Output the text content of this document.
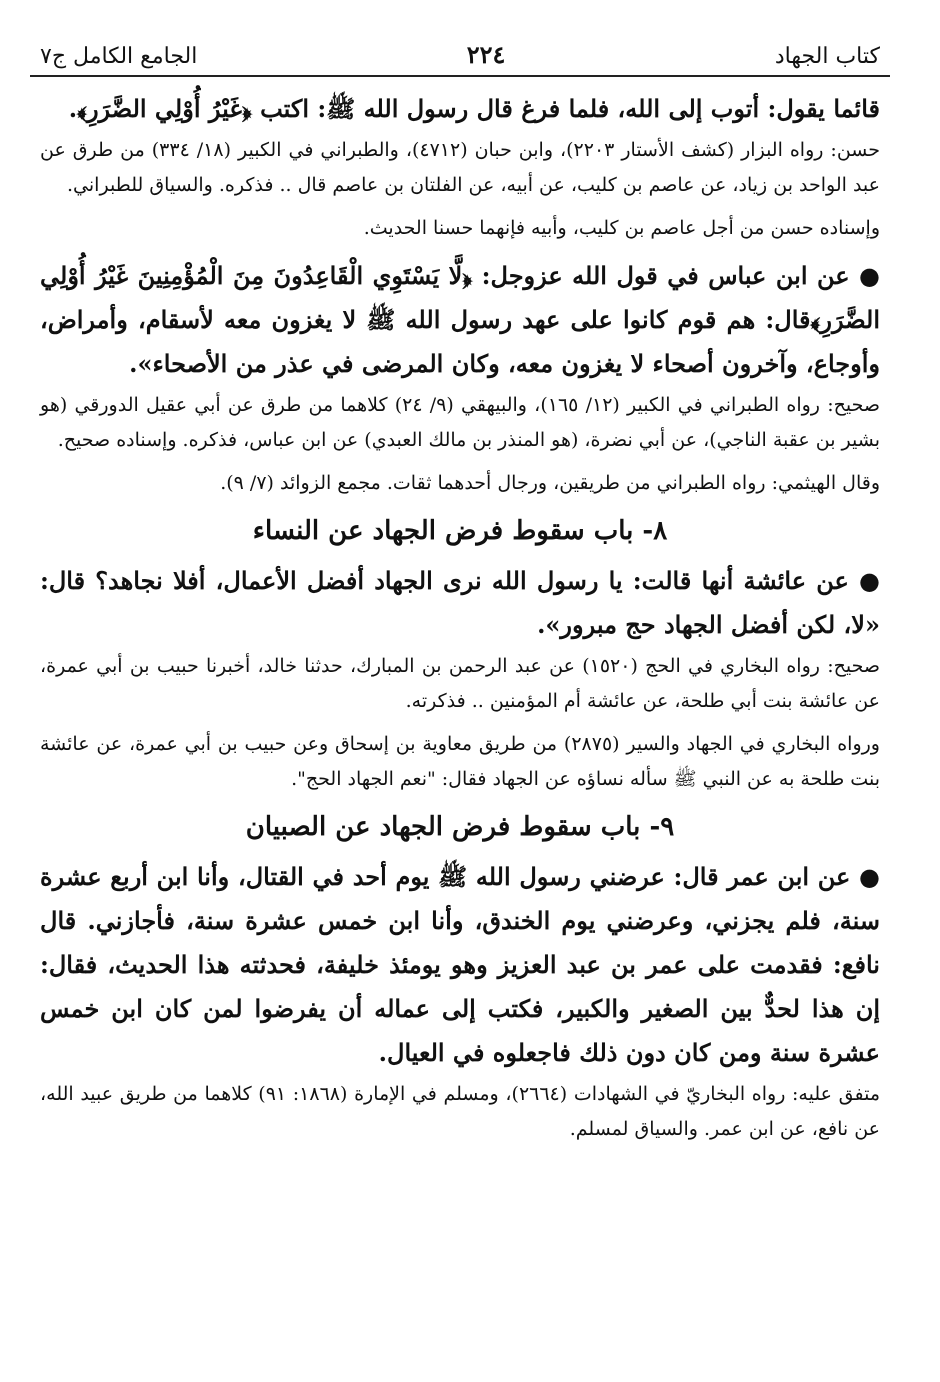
كتاب الجهاد
٢٢٤
الجامع الكامل ج٧

قائما يقول: أتوب إلى الله، فلما فرغ قال رسول الله ﷺ: اكتب ﴿غَيْرُ أُوْلِي الضَّرَرِ﴾.

حسن: رواه البزار (كشف الأستار ٢٢٠٣)، وابن حبان (٤٧١٢)، والطبراني في الكبير (١٨/ ٣٣٤) من طرق عن عبد الواحد بن زياد، عن عاصم بن كليب، عن أبيه، عن الفلتان بن عاصم قال .. فذكره. والسياق للطبراني.

وإسناده حسن من أجل عاصم بن كليب، وأبيه فإنهما حسنا الحديث.

● عن ابن عباس في قول الله عزوجل: ﴿لَّا يَسْتَوِي الْقَاعِدُونَ مِنَ الْمُؤْمِنِينَ غَيْرُ أُوْلِي الضَّرَرِ﴾قال: هم قوم كانوا على عهد رسول الله ﷺ لا يغزون معه لأسقام، وأمراض، وأوجاع، وآخرون أصحاء لا يغزون معه، وكان المرضى في عذر من الأصحاء».

صحيح: رواه الطبراني في الكبير (١٢/ ١٦٥)، والبيهقي (٩/ ٢٤) كلاهما من طرق عن أبي عقيل الدورقي (هو بشير بن عقبة الناجي)، عن أبي نضرة، (هو المنذر بن مالك العبدي) عن ابن عباس، فذكره. وإسناده صحيح.

وقال الهيثمي: رواه الطبراني من طريقين، ورجال أحدهما ثقات. مجمع الزوائد (٧/ ٩).

٨- باب سقوط فرض الجهاد عن النساء

● عن عائشة أنها قالت: يا رسول الله نرى الجهاد أفضل الأعمال، أفلا نجاهد؟ قال: «لا، لكن أفضل الجهاد حج مبرور».

صحيح: رواه البخاري في الحج (١٥٢٠) عن عبد الرحمن بن المبارك، حدثنا خالد، أخبرنا حبيب بن أبي عمرة، عن عائشة بنت أبي طلحة، عن عائشة أم المؤمنين .. فذكرته.

ورواه البخاري في الجهاد والسير (٢٨٧٥) من طريق معاوية بن إسحاق وعن حبيب بن أبي عمرة، عن عائشة بنت طلحة به عن النبي ﷺ سأله نساؤه عن الجهاد فقال: "نعم الجهاد الحج".

٩- باب سقوط فرض الجهاد عن الصبيان

● عن ابن عمر قال: عرضني رسول الله ﷺ يوم أحد في القتال، وأنا ابن أربع عشرة سنة، فلم يجزني، وعرضني يوم الخندق، وأنا ابن خمس عشرة سنة، فأجازني. قال نافع: فقدمت على عمر بن عبد العزيز وهو يومئذ خليفة، فحدثته هذا الحديث، فقال: إن هذا لحدٌّ بين الصغير والكبير، فكتب إلى عماله أن يفرضوا لمن كان ابن خمس عشرة سنة ومن كان دون ذلك فاجعلوه في العيال.

متفق عليه: رواه البخاريّ في الشهادات (٢٦٦٤)، ومسلم في الإمارة (١٨٦٨: ٩١) كلاهما من طريق عبيد الله، عن نافع، عن ابن عمر. والسياق لمسلم.
